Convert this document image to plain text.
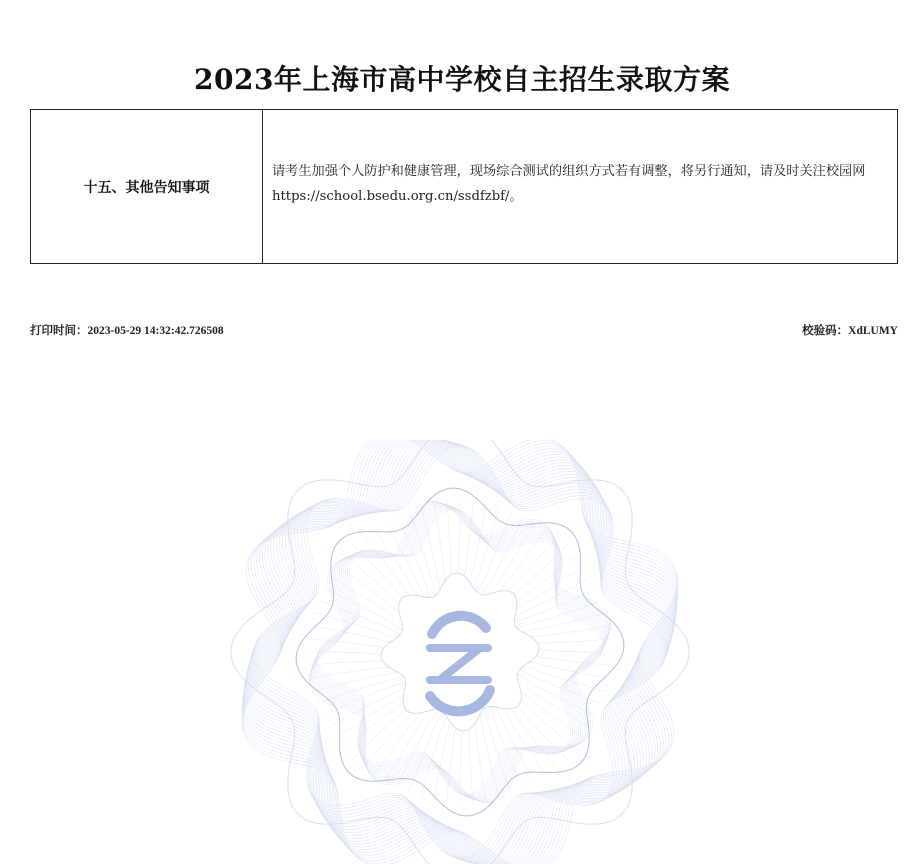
2023年上海市高中学校自主招生录取方案
十五、其他告知事项
请考生加强个人防护和健康管理，现场综合测试的组织方式若有调整，将另行通知，请及时关注校园网https://school.bsedu.org.cn/ssdfzbf/。
打印时间：2023-05-29 14:32:42.726508	校验码：XdLUMY
